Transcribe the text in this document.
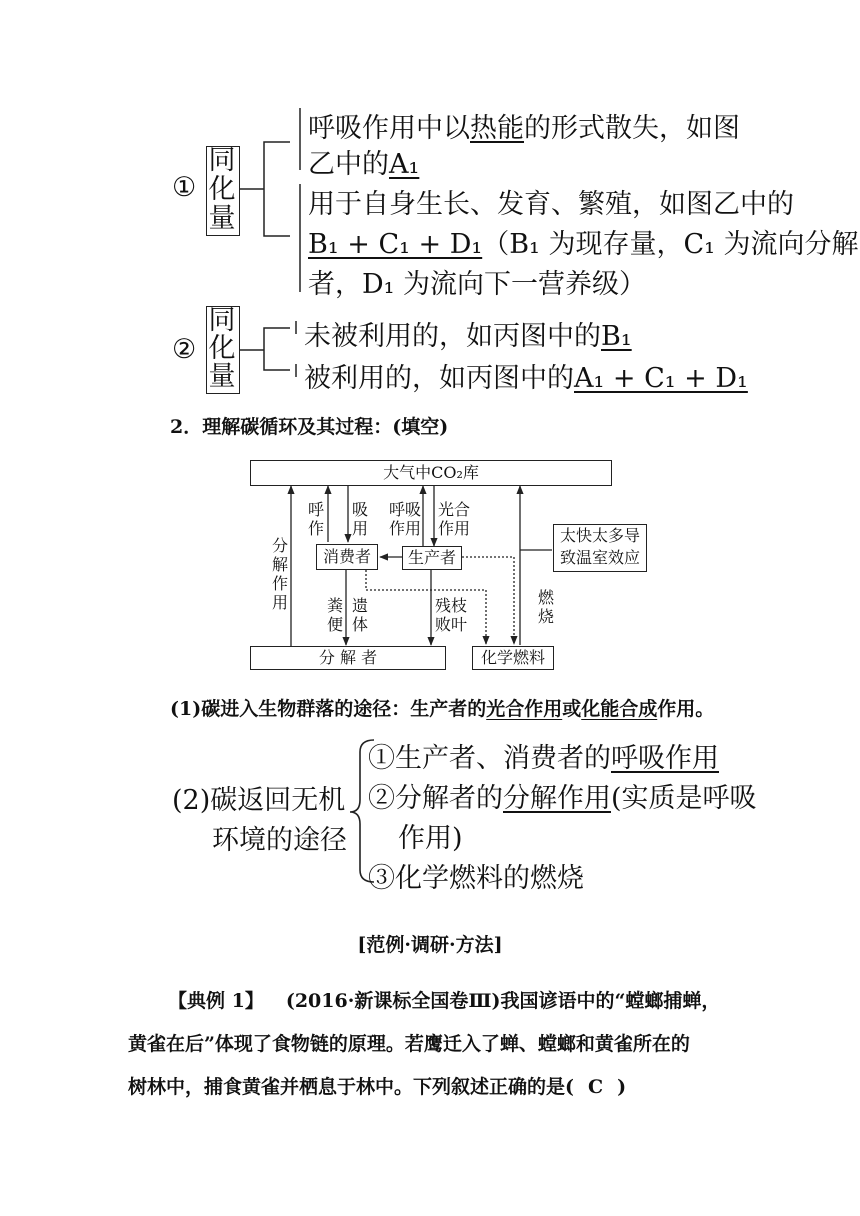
①
同
化
量
呼吸作用中以热能的形式散失，如图
乙中的A₁
用于自身生长、发育、繁殖，如图乙中的
B₁ + C₁ + D₁（B₁ 为现存量，C₁ 为流向分解
者，D₁ 为流向下一营养级）
②
同
化
量
未被利用的，如丙图中的B₁
被利用的，如丙图中的A₁ + C₁ + D₁
2．理解碳循环及其过程：(填空)
大气中CO₂库
消费者	生产者
分 解 者	化学燃料
太快太多导致温室效应
分解作用
呼作
吸用
呼吸作用
光合作用
粪便
遗体
残枝败叶
燃烧
(1)碳进入生物群落的途径：生产者的光合作用或化能合成作用。
(2)碳返回无机
环境的途径
①生产者、消费者的呼吸作用
②分解者的分解作用(实质是呼吸
作用)
③化学燃料的燃烧
[范例·调研·方法]
【典例 1】 (2016·新课标全国卷Ⅲ)我国谚语中的“螳螂捕蝉，
黄雀在后”体现了食物链的原理。若鹰迁入了蝉、螳螂和黄雀所在的
树林中，捕食黄雀并栖息于林中。下列叙述正确的是( C )
